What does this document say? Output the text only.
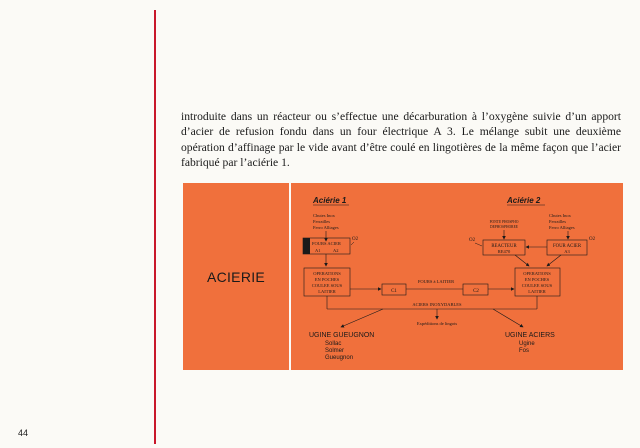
introduite dans un réacteur ou s’effectue une décarburation à l’oxygène suivie d’un apport d’acier de refusion fondu dans un four électrique A 3. Le mélange subit une deuxième opération d’affinage par le vide avant d’être coulé en lingotières de la même façon que l’acier fabriqué par l’aciérie 1.

ACIERIE
Aciérie 1
Chutes Inox
Ferrailles
Ferro Alliages
FOURS ACIER
A1	A2
O2
OPERATIONS
EN POCHES
COULEE SOUS
LAITIER	C1
FOURS à LAITIER
C2
ACIERS INOXYDABLES
Expéditions de lingots
UGINE GUEUGNON
Sollac
Solmer
Gueugnon
UGINE ACIERS
Ugine
Fos
Aciérie 2
Chutes Inox
Ferrailles
Ferro Alliages
FONTE PHOSPHO
DEPHOSPHOREE
REACTEUR
RE470
O2
FOUR ACIER
A3
O2
OPERATIONS
EN POCHES
COULEE SOUS
LAITIER
44
